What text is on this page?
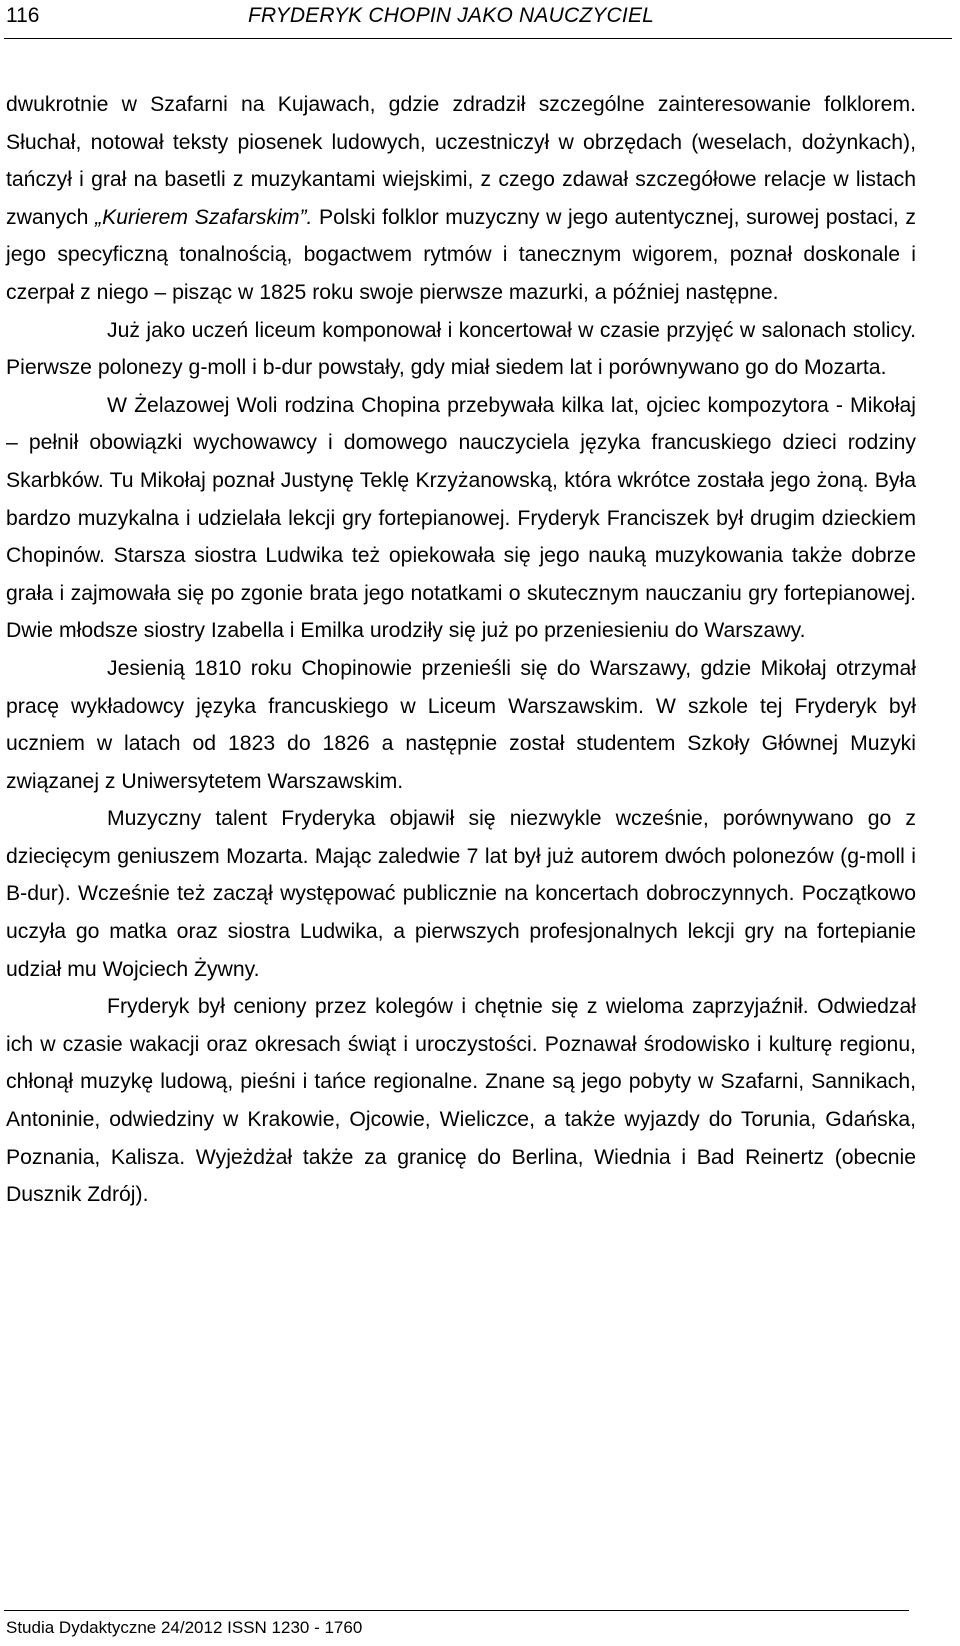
116	FRYDERYK CHOPIN JAKO NAUCZYCIEL

dwukrotnie w Szafarni na Kujawach, gdzie zdradził szczególne zainteresowanie folklorem. Słuchał, notował teksty piosenek ludowych, uczestniczył w obrzędach (weselach, dożynkach), tańczył i grał na basetli z muzykantami wiejskimi, z czego zdawał szczegółowe relacje w listach zwanych „Kurierem Szafarskim”. Polski folklor muzyczny w jego autentycznej, surowej postaci, z jego specyficzną tonalnością, bogactwem rytmów i tanecznym wigorem, poznał doskonale i czerpał z niego – pisząc w 1825 roku swoje pierwsze mazurki, a później następne.

Już jako uczeń liceum komponował i koncertował w czasie przyjęć w salonach stolicy. Pierwsze polonezy g-moll i b-dur powstały, gdy miał siedem lat i porównywano go do Mozarta.

W Żelazowej Woli rodzina Chopina przebywała kilka lat, ojciec kompozytora - Mikołaj – pełnił obowiązki wychowawcy i domowego nauczyciela języka francuskiego dzieci rodziny Skarbków. Tu Mikołaj poznał Justynę Teklę Krzyżanowską, która wkrótce została jego żoną. Była bardzo muzykalna i udzielała lekcji gry fortepianowej. Fryderyk Franciszek był drugim dzieckiem Chopinów. Starsza siostra Ludwika też opiekowała się jego nauką muzykowania także dobrze grała i zajmowała się po zgonie brata jego notatkami o skutecznym nauczaniu gry fortepianowej. Dwie młodsze siostry Izabella i Emilka urodziły się już po przeniesieniu do Warszawy.

Jesienią 1810 roku Chopinowie przenieśli się do Warszawy, gdzie Mikołaj otrzymał pracę wykładowcy języka francuskiego w Liceum Warszawskim. W szkole tej Fryderyk był uczniem w latach od 1823 do 1826 a następnie został studentem Szkoły Głównej Muzyki związanej z Uniwersytetem Warszawskim.

Muzyczny talent Fryderyka objawił się niezwykle wcześnie, porównywano go z dziecięcym geniuszem Mozarta. Mając zaledwie 7 lat był już autorem dwóch polonezów (g-moll i B-dur). Wcześnie też zaczął występować publicznie na koncertach dobroczynnych. Początkowo uczyła go matka oraz siostra Ludwika, a pierwszych profesjonalnych lekcji gry na fortepianie udział mu Wojciech Żywny.

Fryderyk był ceniony przez kolegów i chętnie się z wieloma zaprzyjaźnił. Odwiedzał ich w czasie wakacji oraz okresach świąt i uroczystości. Poznawał środowisko i kulturę regionu, chłonął muzykę ludową, pieśni i tańce regionalne. Znane są jego pobyty w Szafarni, Sannikach, Antoninie, odwiedziny w Krakowie, Ojcowie, Wieliczce, a także wyjazdy do Torunia, Gdańska, Poznania, Kalisza. Wyjeżdżał także za granicę do Berlina, Wiednia i Bad Reinertz (obecnie Dusznik Zdrój).

Studia Dydaktyczne 24/2012 ISSN 1230 - 1760
